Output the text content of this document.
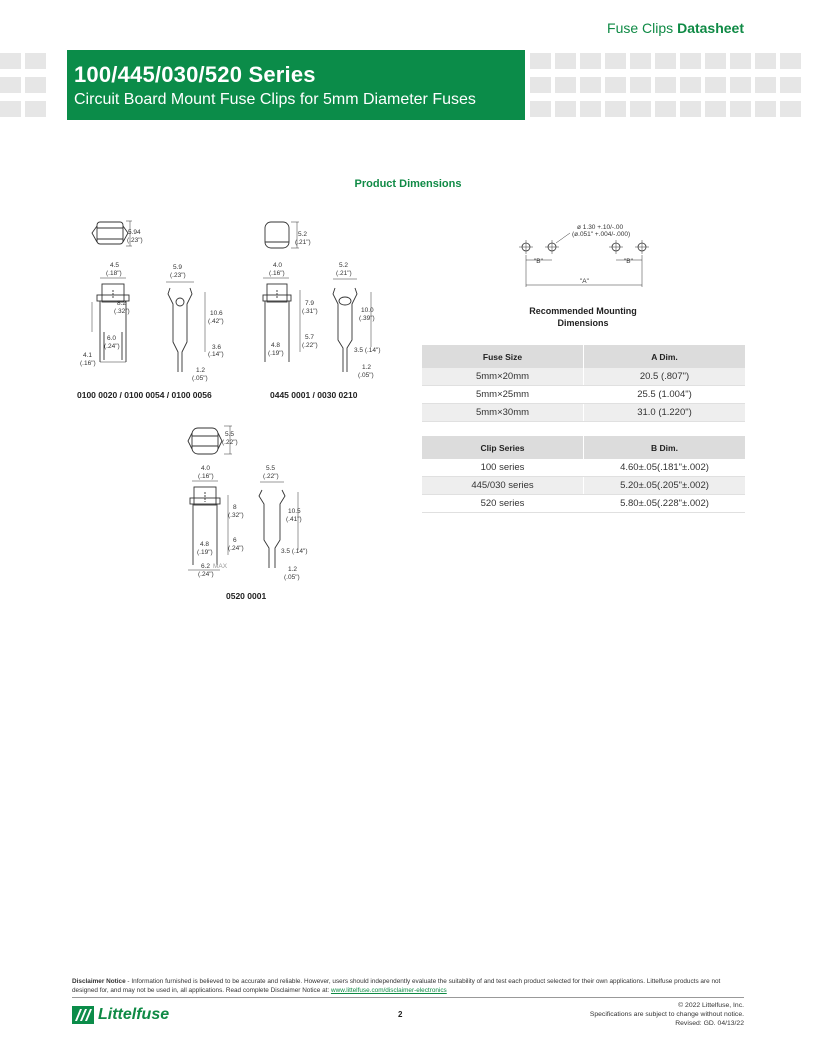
Fuse Clips Datasheet
100/445/030/520 Series
Circuit Board Mount Fuse Clips for 5mm Diameter Fuses
Product Dimensions
5.94
(.23")
4.5
(.18")
8.2
(.32")
6.0
(.24")
4.1
(.16")
5.9
(.23")
10.6
(.42")
3.6
(.14")
1.2
(.05")
0100 0020 / 0100 0054 / 0100 0056
5.2
(.21")
4.0
(.16")
7.9
(.31")
5.7
(.22")
4.8
(.19")
5.2
(.21")
10.0
(.39")
3.5 (.14")
1.2
(.05")
0445 0001 / 0030 0210
5.5
(.22")
4.0
(.16")
8
(.32")
6
(.24")
4.8
(.19")
6.2 MAX
(.24")
5.5
(.22")
10.5
(.41")
3.5 (.14")
1.2
(.05")
0520 0001
ø 1.30 +.10/-.00
(ø.051" +.004/-.000)
"B"	"B"
"A"
Recommended Mounting
Dimensions
Fuse Size	A Dim.
5mm×20mm	20.5 (.807")
5mm×25mm	25.5 (1.004")
5mm×30mm	31.0 (1.220")
Clip Series	B Dim.
100 series	4.60±.05(.181"±.002)
445/030 series	5.20±.05(.205"±.002)
520 series	5.80±.05(.228"±.002)
Disclaimer Notice - Information furnished is believed to be accurate and reliable. However, users should independently evaluate the suitability of and test each product selected for their own applications. Littelfuse products are not designed for, and may not be used in, all applications. Read complete Disclaimer Notice at: www.littelfuse.com/disclaimer-electronics
Littelfuse	2
© 2022 Littelfuse, Inc.
Specifications are subject to change without notice.
Revised: GD. 04/13/22
